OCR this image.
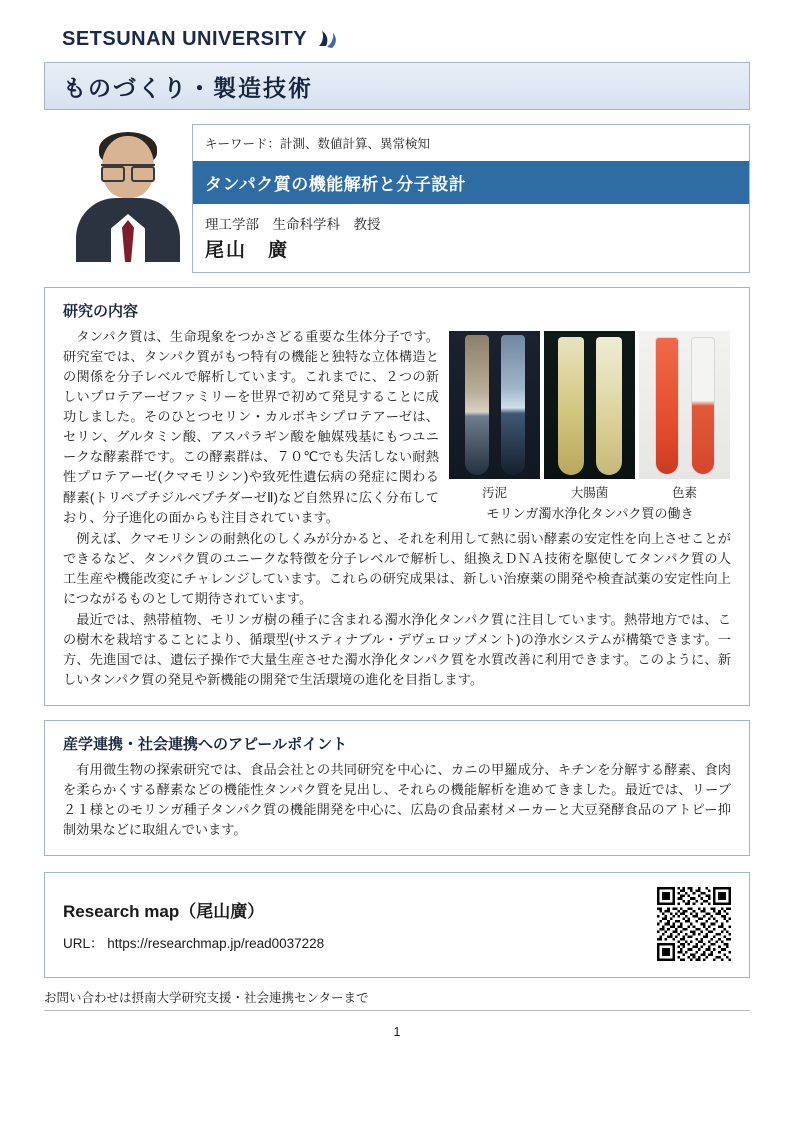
SETSUNAN UNIVERSITY
ものづくり・製造技術
キーワード：計測、数値計算、異常検知
タンパク質の機能解析と分子設計
理工学部　生命科学科　教授
尾山　廣
研究の内容
汚泥	大腸菌	色素
モリンガ濁水浄化タンパク質の働き

タンパク質は、生命現象をつかさどる重要な生体分子です。研究室では、タンパク質がもつ特有の機能と独特な立体構造との関係を分子レベルで解析しています。これまでに、２つの新しいプロテアーゼファミリーを世界で初めて発見することに成功しました。そのひとつセリン・カルボキシプロテアーゼは、セリン、グルタミン酸、アスパラギン酸を触媒残基にもつユニークな酵素群です。この酵素群は、７０℃でも失活しない耐熱性プロテアーゼ(クマモリシン)や致死性遺伝病の発症に関わる酵素(トリペプチジルペプチダーゼⅡ)など自然界に広く分布しており、分子進化の面からも注目されています。

例えば、クマモリシンの耐熱化のしくみが分かると、それを利用して熱に弱い酵素の安定性を向上させことができるなど、タンパク質のユニークな特徴を分子レベルで解析し、組換えＤＮＡ技術を駆使してタンパク質の人工生産や機能改変にチャレンジしています。これらの研究成果は、新しい治療薬の開発や検査試薬の安定性向上につながるものとして期待されています。

最近では、熱帯植物、モリンガ樹の種子に含まれる濁水浄化タンパク質に注目しています。熱帯地方では、この樹木を栽培することにより、循環型(サスティナブル・デヴェロップメント)の浄水システムが構築できます。一方、先進国では、遺伝子操作で大量生産させた濁水浄化タンパク質を水質改善に利用できます。このように、新しいタンパク質の発見や新機能の開発で生活環境の進化を目指します。

産学連携・社会連携へのアピールポイント

有用微生物の探索研究では、食品会社との共同研究を中心に、カニの甲羅成分、キチンを分解する酵素、食肉を柔らかくする酵素などの機能性タンパク質を見出し、それらの機能解析を進めてきました。最近では、リーブ２１様とのモリンガ種子タンパク質の機能開発を中心に、広島の食品素材メーカーと大豆発酵食品のアトピー抑制効果などに取組んでいます。

Research map（尾山廣）
URL： https://researchmap.jp/read0037228
お問い合わせは摂南大学研究支援・社会連携センターまで
1
